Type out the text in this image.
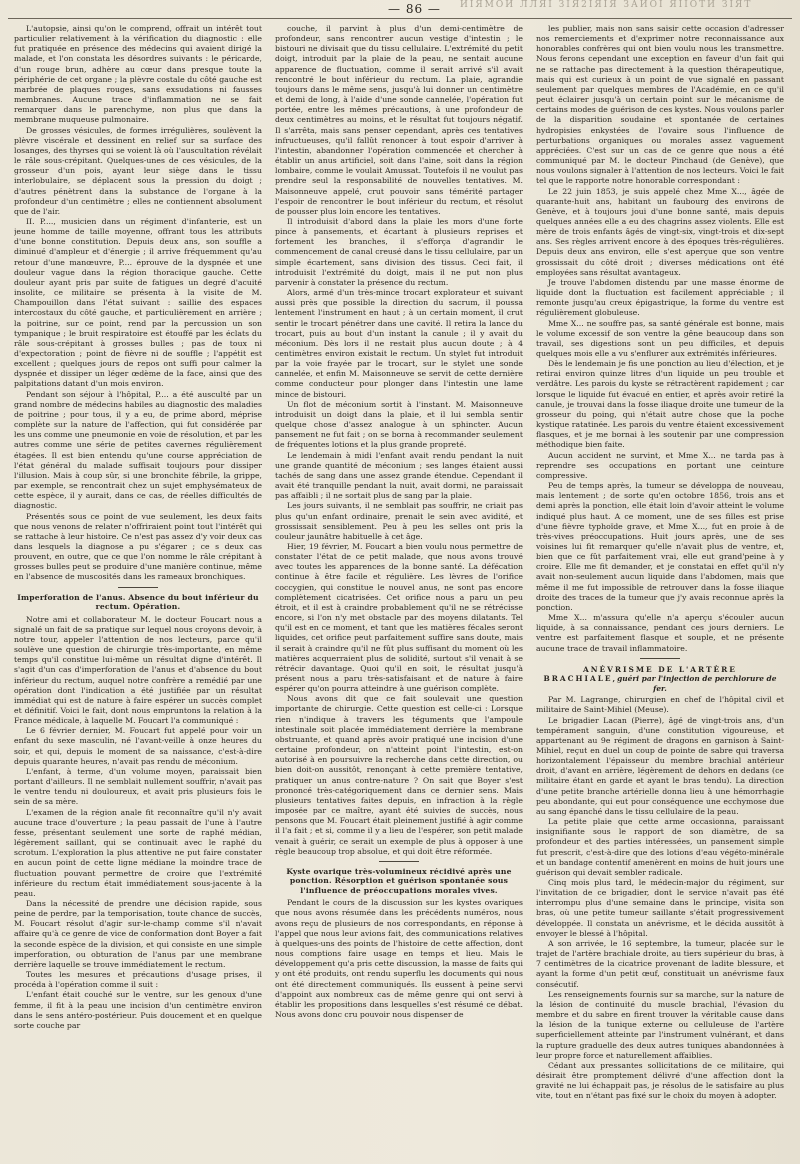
ИІЯМОИ ЛЛЯІ ЗІЯ2ІЯІЯ ЗАИОІ ЯІІОТИ ЗІЯТ
— 86 —

L'autopsie, ainsi qu'on le comprend, offrait un intérêt tout particulier relativement à la vérification du diagnostic : elle fut pratiquée en présence des médecins qui avaient dirigé la malade, et l'on constata les désordres suivants : le péricarde, d'un rouge brun, adhère au cœur dans presque toute la périphérie de cet organe ; la plèvre costale du côté gauche est marbrée de plaques rouges, sans exsudations ni fausses membranes. Aucune trace d'inflammation ne se fait remarquer dans le parenchyme, non plus que dans la membrane muqueuse pulmonaire.

De grosses vésicules, de formes irrégulières, soulèvent la plèvre viscérale et dessinent en relief sur sa surface des losanges, des thyrses qui se voient là où l'auscultation révélait le râle sous-crépitant. Quelques-unes de ces vésicules, de la grosseur d'un pois, ayant leur siège dans le tissu interlobulaire, se déplacent sous la pression du doigt ; d'autres pénètrent dans la substance de l'organe à la profondeur d'un centimètre ; elles ne contiennent absolument que de l'air.

II. P...., musicien dans un régiment d'infanterie, est un jeune homme de taille moyenne, offrant tous les attributs d'une bonne constitution. Depuis deux ans, son souffle a diminué d'ampleur et d'énergie ; il arrive fréquemment qu'au retour d'une manœuvre, P.... éprouve de la dyspnée et une douleur vague dans la région thoracique gauche. Cette douleur ayant pris par suite de fatigues un degré d'acuité insolite, ce militaire se présenta à la visite de M. Champouillon dans l'état suivant : saillie des espaces intercostaux du côté gauche, et particulièrement en arrière ; la poitrine, sur ce point, rend par la percussion un son tympanique ; le bruit respiratoire est étouffé par les éclats du râle sous-crépitant à grosses bulles ; pas de toux ni d'expectoration ; point de fièvre ni de souffle ; l'appétit est excellent ; quelques jours de repos ont suffi pour calmer la dyspnée et dissiper un léger œdème de la face, ainsi que des palpitations datant d'un mois environ.

Pendant son séjour à l'hôpital, P.... a été ausculté par un grand nombre de médecins habiles au diagnostic des maladies de poitrine ; pour tous, il y a eu, de prime abord, méprise complète sur la nature de l'affection, qui fut considérée par les uns comme une pneumonie en voie de résolution, et par les autres comme une série de petites cavernes régulièrement étagées. Il est bien entendu qu'une course appréciation de l'état général du malade suffisait toujours pour dissiper l'illusion. Mais à coup sûr, si une bronchite fébrile, la grippe, par exemple, se rencontrait chez un sujet emphysémateux de cette espèce, il y aurait, dans ce cas, de réelles difficultés de diagnostic.

Présentés sous ce point de vue seulement, les deux faits que nous venons de relater n'offriraient point tout l'intérêt qui se rattache à leur histoire. Ce n'est pas assez d'y voir deux cas dans lesquels la diagnose a pu s'égarer ; ce s deux cas prouvent, en outre, que ce que l'on nomme le râle crépitant à grosses bulles peut se produire d'une manière continue, même en l'absence de muscosités dans les rameaux bronchiques.

Imperforation de l'anus. Absence du bout inférieur du rectum. Opération.

Notre ami et collaborateur M. le docteur Foucart nous a signalé un fait de sa pratique sur lequel nous croyons devoir, à notre tour, appeler l'attention de nos lecteurs, parce qu'il soulève une question de chirurgie très-importante, en même temps qu'il constitue lui-même un résultat digne d'intérêt. Il s'agit d'un cas d'imperforation de l'anus et d'absence du bout inférieur du rectum, auquel notre confrère a remédié par une opération dont l'indication a été justifiée par un résultat immédiat qui est de nature à faire espérer un succès complet et définitif. Voici le fait, dont nous empruntons la relation à la France médicale, à laquelle M. Foucart l'a communiqué :

Le 6 février dernier, M. Foucart fut appelé pour voir un enfant du sexe masculin, né l'avant-veille à onze heures du soir, et qui, depuis le moment de sa naissance, c'est-à-dire depuis quarante heures, n'avait pas rendu de méconium.

L'enfant, à terme, d'un volume moyen, paraissait bien portant d'ailleurs. Il ne semblait nullement souffrir, n'avait pas le ventre tendu ni douloureux, et avait pris plusieurs fois le sein de sa mère.

L'examen de la région anale fit reconnaître qu'il n'y avait aucune trace d'ouverture ; la peau passait de l'une à l'autre fesse, présentant seulement une sorte de raphé médian, légèrement saillant, qui se continuait avec le raphé du scrotum. L'exploration la plus attentive ne put faire constater en aucun point de cette ligne médiane la moindre trace de fluctuation pouvant permettre de croire que l'extrémité inférieure du rectum était immédiatement sous-jacente à la peau.

Dans la nécessité de prendre une décision rapide, sous peine de perdre, par la temporisation, toute chance de succès, M. Foucart résolut d'agir sur-le-champ comme s'il n'avait affaire qu'à ce genre de vice de conformation dont Boyer a fait la seconde espèce de la division, et qui consiste en une simple imperforation, ou obturation de l'anus par une membrane derrière laquelle se trouve immédiatement le rectum.

Toutes les mesures et précautions d'usage prises, il procéda à l'opération comme il suit :

L'enfant était couché sur le ventre, sur les genoux d'une femme, il fit à la peau une incision d'un centimètre environ dans le sens antéro-postérieur. Puis doucement et en quelque sorte couche par

couche, il parvint à plus d'un demi-centimètre de profondeur, sans rencontrer aucun vestige d'intestin ; le bistouri ne divisait que du tissu cellulaire. L'extrémité du petit doigt, introduit par la plaie de la peau, ne sentait aucune apparence de fluctuation, comme il serait arrivé s'il avait rencontré le bout inférieur du rectum. La plaie, agrandie toujours dans le même sens, jusqu'à lui donner un centimètre et demi de long, à l'aide d'une sonde cannelée, l'opération fut portée, entre les mêmes précautions, à une profondeur de deux centimètres au moins, et le résultat fut toujours négatif. Il s'arrêta, mais sans penser cependant, après ces tentatives infructueuses, qu'il fallût renoncer à tout espoir d'arriver à l'intestin, abandonner l'opération commencée et chercher à établir un anus artificiel, soit dans l'aine, soit dans la région lombaire, comme le voulait Amussat. Toutefois il ne voulut pas prendre seul la responsabilité de nouvelles tentatives. M. Maisonneuve appelé, crut pouvoir sans témérité partager l'espoir de rencontrer le bout inférieur du rectum, et résolut de pousser plus loin encore les tentatives.

Il introduisit d'abord dans la plaie les mors d'une forte pince à pansements, et écartant à plusieurs reprises et fortement les branches, il s'efforça d'agrandir le commencement de canal creusé dans le tissu cellulaire, par un simple écartement, sans division des tissus. Ceci fait, il introduisit l'extrémité du doigt, mais il ne put non plus parvenir à constater la présence du rectum.

Alors, armé d'un très-mince trocart explorateur et suivant aussi près que possible la direction du sacrum, il poussa lentement l'instrument en haut ; à un certain moment, il crut sentir le trocart pénétrer dans une cavité. Il retira la lance du trocart, puis au bout d'un instant la canule ; il y avait du méconium. Dès lors il ne restait plus aucun doute ; à 4 centimètres environ existait le rectum. Un stylet fut introduit par la voie frayée par le trocart, sur le stylet une sonde cannelée, et enfin M. Maisonneuve se servit de cette dernière comme conducteur pour plonger dans l'intestin une lame mince de bistouri.

Un flot de méconium sortit à l'instant. M. Maisonneuve introduisit un doigt dans la plaie, et il lui sembla sentir quelque chose d'assez analogue à un sphincter. Aucun pansement ne fut fait ; on se borna à recommander seulement de fréquentes lotions et la plus grande propreté.

Le lendemain à midi l'enfant avait rendu pendant la nuit une grande quantité de méconium ; ses langes étaient aussi tachés de sang dans une assez grande étendue. Cependant il avait été tranquille pendant la nuit, avait dormi, ne paraissait pas affaibli ; il ne sortait plus de sang par la plaie.

Les jours suivants, il ne semblait pas souffrir, ne criait pas plus qu'un enfant ordinaire, prenait le sein avec avidité, et grossissait sensiblement. Peu à peu les selles ont pris la couleur jaunâtre habituelle à cet âge.

Hier, 19 février, M. Foucart a bien voulu nous permettre de constater l'état de ce petit malade, que nous avons trouvé avec toutes les apparences de la bonne santé. La défécation continue à être facile et régulière. Les lèvres de l'orifice coccygien, qui constitue le nouvel anus, ne sont pas encore complètement cicatrisées. Cet orifice nous a paru un peu étroit, et il est à craindre probablement qu'il ne se rétrécisse encore, si l'on n'y met obstacle par des moyens dilatants. Tel qu'il est en ce moment, et tant que les matières fécales seront liquides, cet orifice peut parfaitement suffire sans doute, mais il serait à craindre qu'il ne fût plus suffisant du moment où les matières acquerraient plus de solidité, surtout s'il venait à se rétrécir davantage. Quoi qu'il en soit, le résultat jusqu'à présent nous a paru très-satisfaisant et de nature à faire espérer qu'on pourra atteindre à une guérison complète.

Nous avons dit que ce fait soulevait une question importante de chirurgie. Cette question est celle-ci : Lorsque rien n'indique à travers les téguments que l'ampoule intestinale soit placée immédiatement derrière la membrane obstruante, et quand après avoir pratiqué une incision d'une certaine profondeur, on n'atteint point l'intestin, est-on autorisé à en poursuivre la recherche dans cette direction, ou bien doit-on aussitôt, renonçant à cette première tentative, pratiquer un anus contre-nature ? On sait que Boyer s'est prononcé très-catégoriquement dans ce dernier sens. Mais plusieurs tentatives faites depuis, en infraction à la règle imposée par ce maître, ayant été suivies de succès, nous pensons que M. Foucart était pleinement justifié à agir comme il l'a fait ; et si, comme il y a lieu de l'espérer, son petit malade venait à guérir, ce serait un exemple de plus à opposer à une règle beaucoup trop absolue, et qui doit être réformée.

Kyste ovarique très-volumineux récidivé après une ponction. Résorption et guérison spontanée sous l'influence de préoccupations morales vives.

Pendant le cours de la discussion sur les kystes ovariques que nous avons résumée dans les précédents numéros, nous avons reçu de plusieurs de nos correspondants, en réponse à l'appel que nous leur avions fait, des communications relatives à quelques-uns des points de l'histoire de cette affection, dont nous comptions faire usage en temps et lieu. Mais le développement qu'a pris cette discussion, la masse de faits qui y ont été produits, ont rendu superflu les documents qui nous ont été directement communiqués. Ils eussent à peine servi d'appoint aux nombreux cas de même genre qui ont servi à établir les propositions dans lesquelles s'est résumé ce débat. Nous avons donc cru pouvoir nous dispenser de

les publier, mais non sans saisir cette occasion d'adresser nos remerciements et d'exprimer notre reconnaissance aux honorables confrères qui ont bien voulu nous les transmettre. Nous ferons cependant une exception en faveur d'un fait qui ne se rattache pas directement à la question thérapeutique, mais qui est curieux à un point de vue signalé en passant seulement par quelques membres de l'Académie, en ce qu'il peut éclairer jusqu'à un certain point sur le mécanisme de certains modes de guérison de ces kystes. Nous voulons parler de la disparition soudaine et spontanée de certaines hydropisies enkystées de l'ovaire sous l'influence de perturbations organiques ou morales assez vaguement appréciées. C'est sur un cas de ce genre que nous a été communiqué par M. le docteur Pinchaud (de Genève), que nous voulons signaler à l'attention de nos lecteurs. Voici le fait tel que le rapporte notre honorable correspondant :

Le 22 juin 1853, je suis appelé chez Mme X..., âgée de quarante-huit ans, habitant un faubourg des environs de Genève, et à toujours joui d'une bonne santé, mais depuis quelques années elle a eu des chagrins assez violents. Elle est mère de trois enfants âgés de vingt-six, vingt-trois et dix-sept ans. Ses règles arrivent encore à des époques très-régulières. Depuis deux ans environ, elle s'est aperçue que son ventre grossissait du côté droit ; diverses médications ont été employées sans résultat avantageux.

Je trouve l'abdomen distendu par une masse énorme de liquide dont la fluctuation est facilement appréciable ; il remonte jusqu'au creux épigastrique, la forme du ventre est régulièrement globuleuse.

Mme X... ne souffre pas, sa santé générale est bonne, mais le volume excessif de son ventre la gêne beaucoup dans son travail, ses digestions sont un peu difficiles, et depuis quelques mois elle a vu s'enflurer aux extrémités inférieures.

Dès le lendemain je fis une ponction au lieu d'élection, et je retirai environ quinze litres d'un liquide un peu trouble et verdâtre. Les parois du kyste se rétractèrent rapidement ; car lorsque le liquide fut évacué en entier, et après avoir retiré la canule, je trouvai dans la fosse iliaque droite une tumeur de la grosseur du poing, qui n'était autre chose que la poche kystique ratatinée. Les parois du ventre étaient excessivement flasques, et je me bornai à les soutenir par une compression méthodique bien faite.

Aucun accident ne survint, et Mme X... ne tarda pas à reprendre ses occupations en portant une ceinture compressive.

Peu de temps après, la tumeur se développa de nouveau, mais lentement ; de sorte qu'en octobre 1856, trois ans et demi après la ponction, elle était loin d'avoir atteint le volume indiqué plus haut. A ce moment, une de ses filles est prise d'une fièvre typhoïde grave, et Mme X..., fut en proie à de très-vives préoccupations. Huit jours après, une de ses voisines lui fit remarquer qu'elle n'avait plus de ventre, et, bien que ce fût parfaitement vrai, elle eut grand'peine à y croire. Elle me fit demander, et je constatai en effet qu'il n'y avait non-seulement aucun liquide dans l'abdomen, mais que même il me fut impossible de retrouver dans la fosse iliaque droite des traces de la tumeur que j'y avais reconnue après la ponction.

Mme X... m'assura qu'elle n'a aperçu s'écouler aucun liquide, à sa connaissance, pendant ces jours derniers. Le ventre est parfaitement flasque et souple, et ne présente aucune trace de travail inflammatoire.

ANÉVRISME DE L'ARTÈRE BRACHIALE,guéri par l'injection de perchlorure de fer.

Par M. Lagrange, chirurgien en chef de l'hôpital civil et militaire de Saint-Mihiel (Meuse).

Le brigadier Lacan (Pierre), âgé de vingt-trois ans, d'un tempérament sanguin, d'une constitution vigoureuse, et appartenant au 9e régiment de dragons en garnison à Saint-Mihiel, reçut en duel un coup de pointe de sabre qui traversa horizontalement l'épaisseur du membre brachial antérieur droit, d'avant en arrière, légèrement de dehors en dedans (ce militaire étant en garde et ayant le bras tendu). La direction d'une petite branche artérielle donna lieu à une hémorrhagie peu abondante, qui eut pour conséquence une ecchymose due au sang épanché dans le tissu cellulaire de la peau.

La petite plaie que cette arme occasionna, paraissant insignifiante sous le rapport de son diamètre, de sa profondeur et des parties intéressées, un pansement simple fut prescrit, c'est-à-dire que des lotions d'eau végéto-minérale et un bandage contentif amenèrent en moins de huit jours une guérison qui devait sembler radicale.

Cinq mois plus tard, le médecin-major du régiment, sur l'invitation de ce brigadier, dont le service n'avait pas été interrompu plus d'une semaine dans le principe, visita son bras, où une petite tumeur saillante s'était progressivement développée. Il constata un anévrisme, et le décida aussitôt à envoyer le blessé à l'hôpital.

A son arrivée, le 16 septembre, la tumeur, placée sur le trajet de l'artère brachiale droite, au tiers supérieur du bras, à 7 centimètres de la cicatrice provenant de ladite blessure, et ayant la forme d'un petit œuf, constituait un anévrisme faux consécutif.

Les renseignements fournis sur sa marche, sur la nature de la lésion de continuité du muscle brachial, l'évasion du membre et du sabre en firent trouver la véritable cause dans la lésion de la tunique externe ou celluleuse de l'artère superficiellement atteinte par l'instrument vulnérant, et dans la rupture graduelle des deux autres tuniques abandonnées à leur propre force et naturellement affaiblies.

Cédant aux pressantes sollicitations de ce militaire, qui désirait être promptement délivré d'une affection dont la gravité ne lui échappait pas, je résolus de le satisfaire au plus vite, tout en n'étant pas fixé sur le choix du moyen à adopter.
